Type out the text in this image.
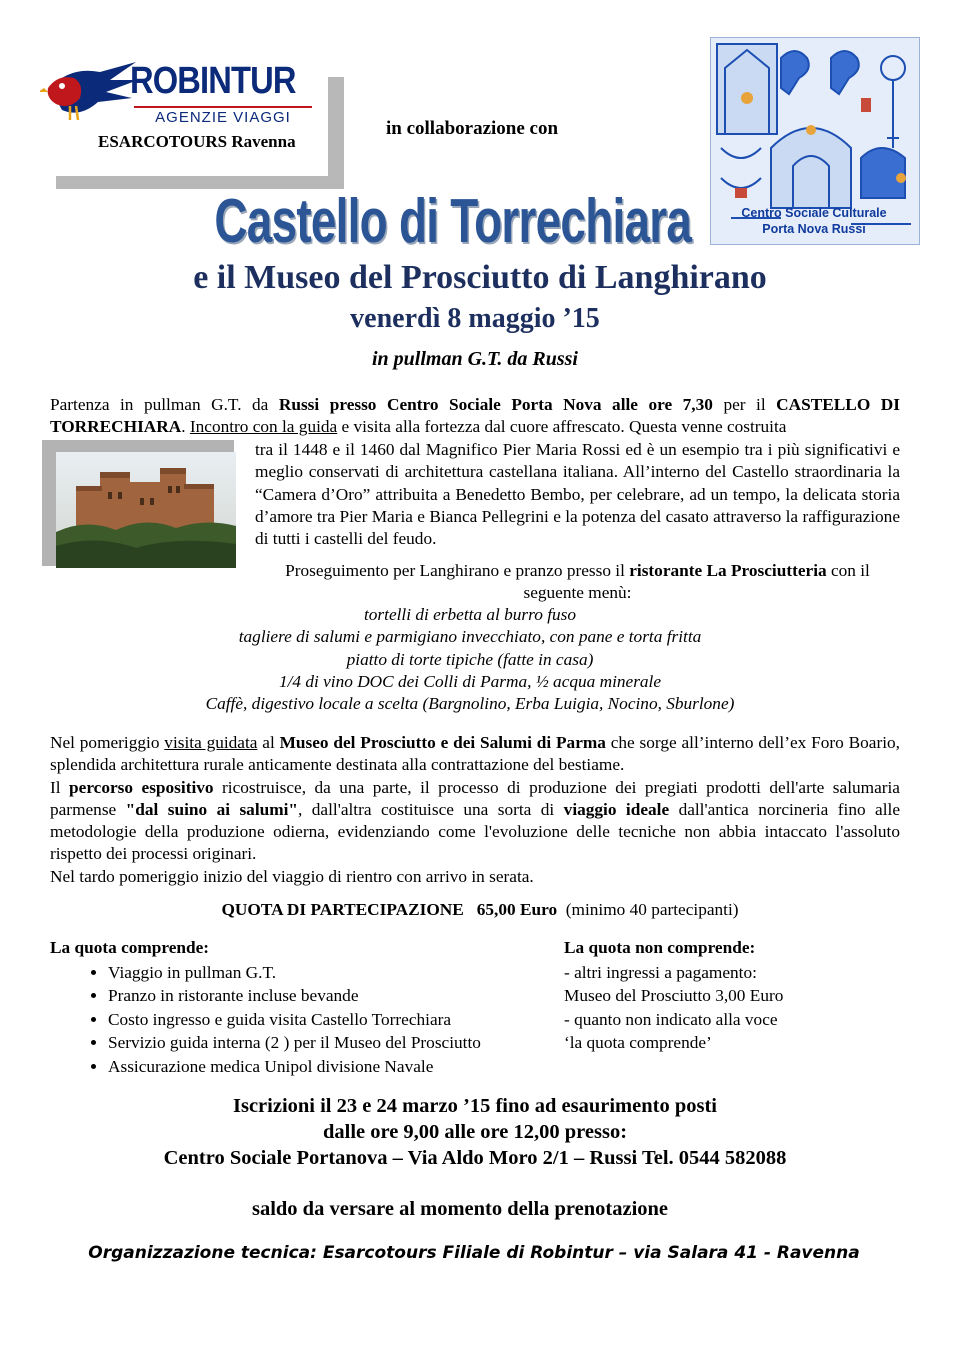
ROBINTUR
AGENZIE VIAGGI
ESARCOTOURS Ravenna
in collaborazione con
Centro Sociale Culturale
Porta Nova Russi
Castello di Torrechiara
e il Museo del Prosciutto di Langhirano
venerdì 8 maggio ’15
in pullman G.T. da Russi
Partenza in pullman G.T. da Russi presso Centro Sociale Porta Nova alle ore 7,30 per il CASTELLO DI TORRECHIARA. Incontro con la guida e visita alla fortezza dal cuore affrescato. Questa venne costruita
tra il 1448 e il 1460 dal Magnifico Pier Maria Rossi ed è un esempio tra i più significativi e meglio conservati di architettura castellana italiana. All’interno del Castello straordinaria la “Camera d’Oro” attribuita a Benedetto Bembo, per celebrare, ad un tempo, la delicata storia d’amore tra Pier Maria e Bianca Pellegrini e la potenza del casato attraverso la raffigurazione di tutti i castelli del feudo.
Proseguimento per Langhirano e pranzo presso il ristorante La Prosciutteria con il seguente menù:
tortelli di erbetta al burro fuso
tagliere di salumi e parmigiano invecchiato, con pane e torta fritta
piatto di torte tipiche (fatte in casa)
1/4 di vino DOC dei Colli di Parma, ½ acqua minerale
Caffè, digestivo locale a scelta (Bargnolino, Erba Luigia, Nocino, Sburlone)
Nel pomeriggio visita guidata al Museo del Prosciutto e dei Salumi di Parma che sorge all’interno dell’ex Foro Boario, splendida architettura rurale anticamente destinata alla contrattazione del bestiame.
Il percorso espositivo ricostruisce, da una parte, il processo di produzione dei pregiati prodotti dell'arte salumaria parmense "dal suino ai salumi", dall'altra costituisce una sorta di viaggio ideale dall'antica norcineria fino alle metodologie della produzione odierna, evidenziando come l'evoluzione delle tecniche non abbia intaccato l'assoluto rispetto dei processi originari.
Nel tardo pomeriggio inizio del viaggio di rientro con arrivo in serata.
QUOTA DI PARTECIPAZIONE 65,00 Euro (minimo 40 partecipanti)
La quota comprende:
• Viaggio in pullman G.T.
• Pranzo in ristorante incluse bevande
• Costo ingresso e guida visita Castello Torrechiara
• Servizio guida interna (2 ) per il Museo del Prosciutto
• Assicurazione medica Unipol divisione Navale
La quota non comprende:
- altri ingressi a pagamento:
Museo del Prosciutto 3,00 Euro
- quanto non indicato alla voce
‘la quota comprende’
Iscrizioni il 23 e 24 marzo ’15 fino ad esaurimento posti
dalle ore 9,00 alle ore 12,00 presso:
Centro Sociale Portanova – Via Aldo Moro 2/1 – Russi Tel. 0544 582088
saldo da versare al momento della prenotazione
Organizzazione tecnica: Esarcotours Filiale di Robintur – via Salara 41 - Ravenna
